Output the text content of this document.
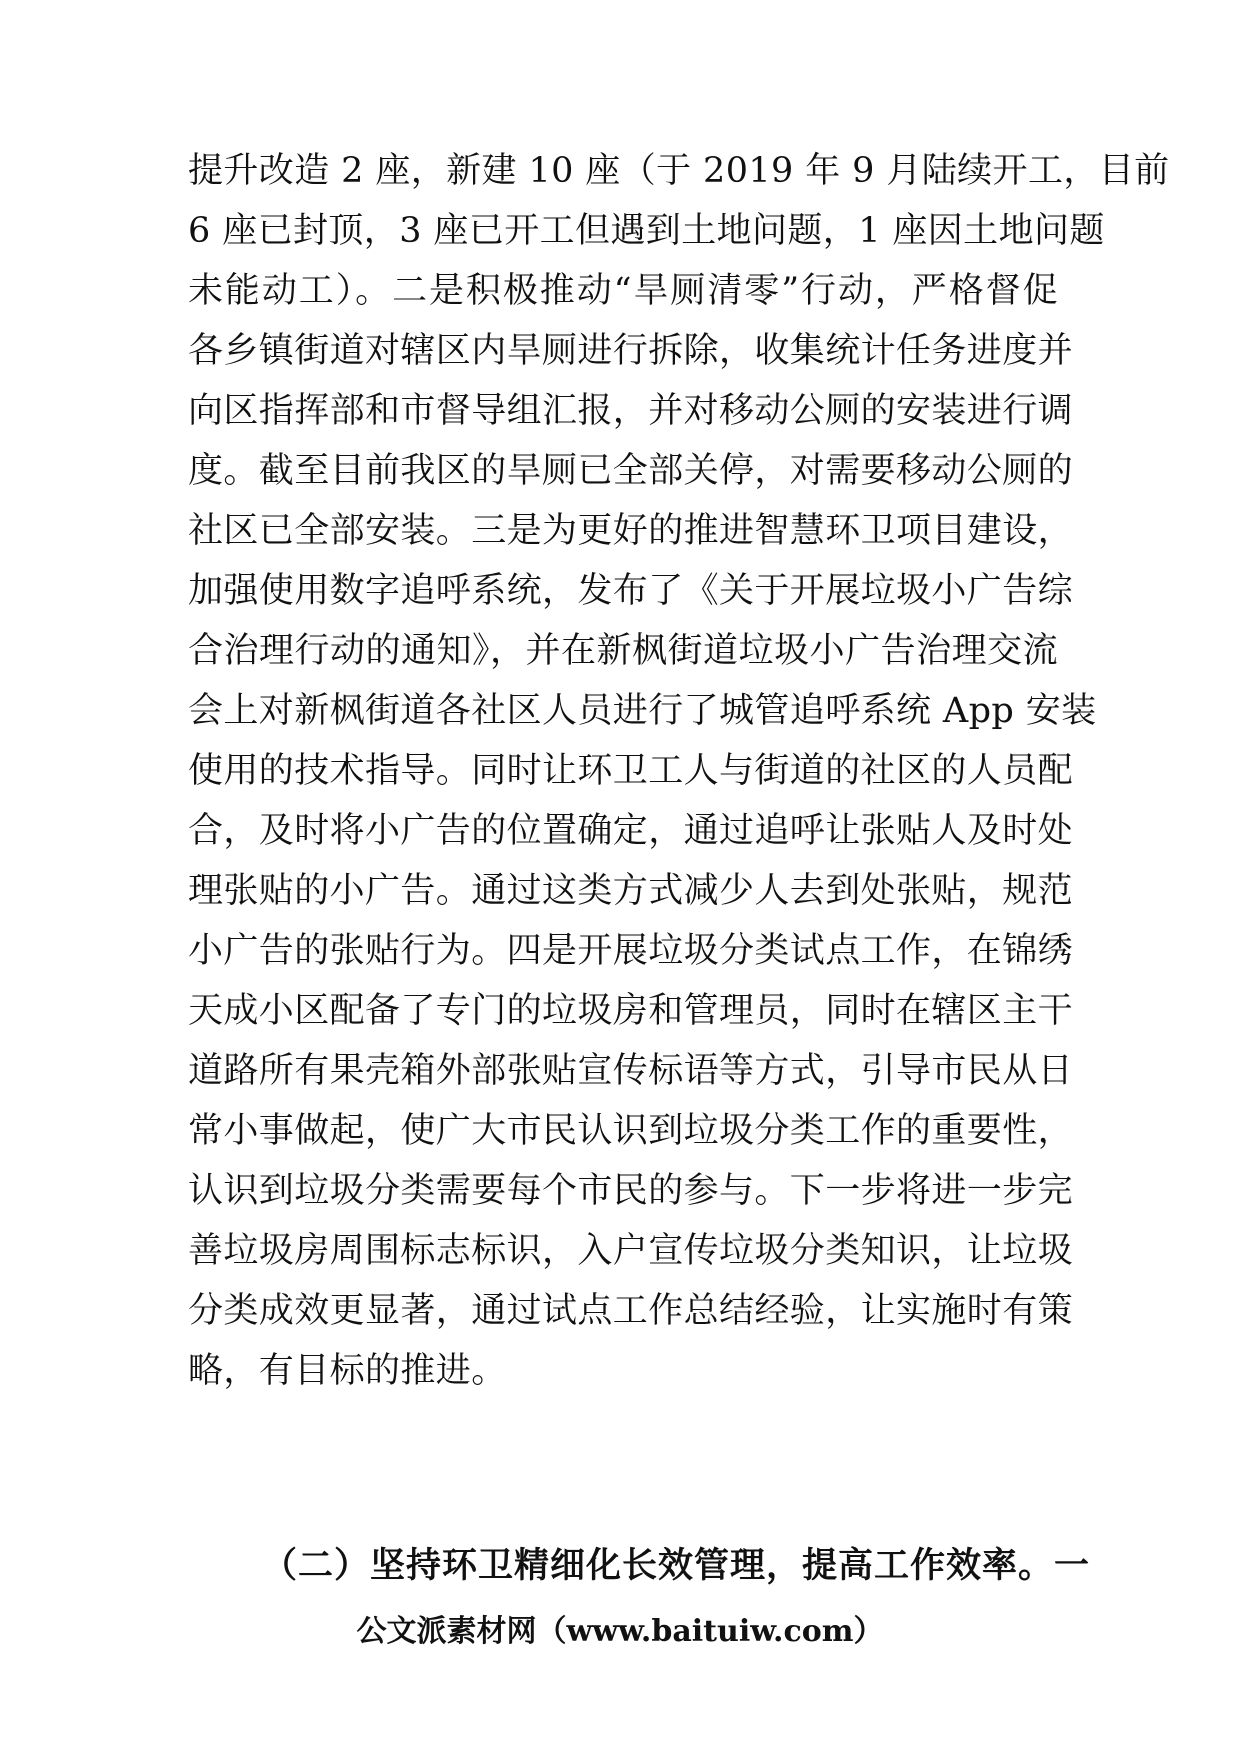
提升改造 2 座，新建 10 座（于 2019 年 9 月陆续开工，目前
6 座已封顶，3 座已开工但遇到土地问题，1 座因土地问题
未能动工）。二是积极推动“旱厕清零”行动，严格督促
各乡镇街道对辖区内旱厕进行拆除，收集统计任务进度并
向区指挥部和市督导组汇报，并对移动公厕的安装进行调
度。截至目前我区的旱厕已全部关停，对需要移动公厕的
社区已全部安装。三是为更好的推进智慧环卫项目建设，
加强使用数字追呼系统，发布了《关于开展垃圾小广告综
合治理行动的通知》，并在新枫街道垃圾小广告治理交流
会上对新枫街道各社区人员进行了城管追呼系统 App 安装
使用的技术指导。同时让环卫工人与街道的社区的人员配
合，及时将小广告的位置确定，通过追呼让张贴人及时处
理张贴的小广告。通过这类方式减少人去到处张贴，规范
小广告的张贴行为。四是开展垃圾分类试点工作，在锦绣
天成小区配备了专门的垃圾房和管理员，同时在辖区主干
道路所有果壳箱外部张贴宣传标语等方式，引导市民从日
常小事做起，使广大市民认识到垃圾分类工作的重要性，
认识到垃圾分类需要每个市民的参与。下一步将进一步完
善垃圾房周围标志标识，入户宣传垃圾分类知识，让垃圾
分类成效更显著，通过试点工作总结经验，让实施时有策
略，有目标的推进。
（二）坚持环卫精细化长效管理，提高工作效率。一
公文派素材网（www.baituiw.com）
